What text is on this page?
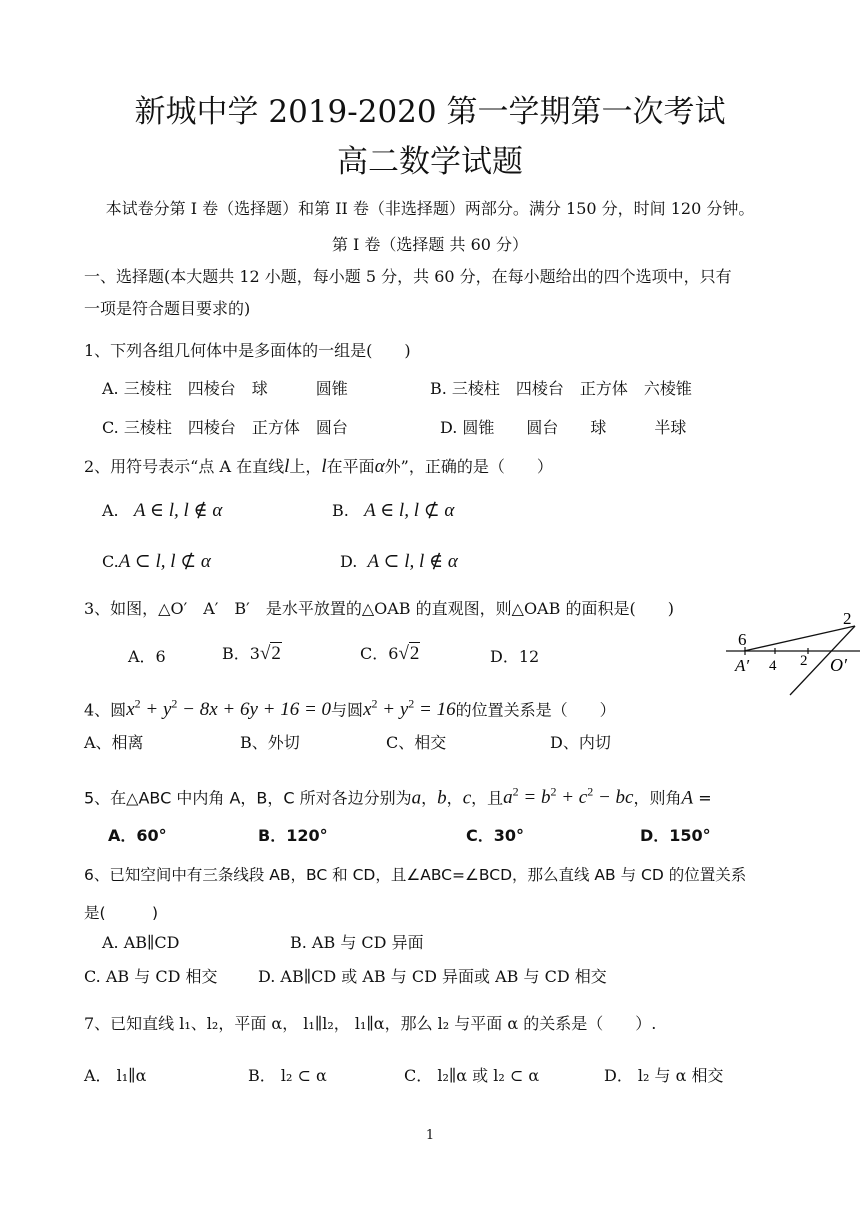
新城中学 2019-2020 第一学期第一次考试
高二数学试题
本试卷分第 I 卷（选择题）和第 II 卷（非选择题）两部分。满分 150 分，时间 120 分钟。
第 I 卷（选择题 共 60 分）
一、选择题(本大题共 12 小题，每小题 5 分，共 60 分，在每小题给出的四个选项中，只有
一项是符合题目要求的)
1、下列各组几何体中是多面体的一组是(　　)
A. 三棱柱　四棱台　球　　　圆锥	B. 三棱柱　四棱台　正方体　六棱锥
C. 三棱柱　四棱台　正方体　圆台	D. 圆锥　　圆台　　球　　　半球
2、用符号表示“点 A 在直线l上，l在平面α外”，正确的是（　　）
A. A ∈ l, l ∉ α	B. A ∈ l, l ⊄ α
C.A ⊂ l, l ⊄ α	D. A ⊂ l, l ∉ α
3、如图，△O′　A′　B′　是水平放置的△OAB 的直观图，则△OAB 的面积是(　　)
A．6	B．3√2	C．6√2	D．12
6
2
A′ 4 2 O′
4、圆$x^2 + y^2 - 8x + 6y + 16 = 0$与圆$x^2 + y^2 = 16$的位置关系是（　　）
A、相离	B、外切	C、相交	D、内切
5、在△ABC 中内角 A，B，C 所对各边分别为a，b，c，且$a^2 = b^2 + c^2$ − bc，则角A =
A．60°	B．120°	C．30°	D．150°
6、已知空间中有三条线段 AB，BC 和 CD，且∠ABC=∠BCD，那么直线 AB 与 CD 的位置关系
是(　　　)
A. AB∥CD	B. AB 与 CD 异面
C. AB 与 CD 相交	D. AB∥CD 或 AB 与 CD 异面或 AB 与 CD 相交
7、已知直线 l₁、l₂，平面 α， l₁∥l₂， l₁∥α，那么 l₂ 与平面 α 的关系是（　　）.
A． l₁∥α	B． l₂ ⊂ α	C． l₂∥α 或 l₂ ⊂ α	D． l₂ 与 α 相交
1
